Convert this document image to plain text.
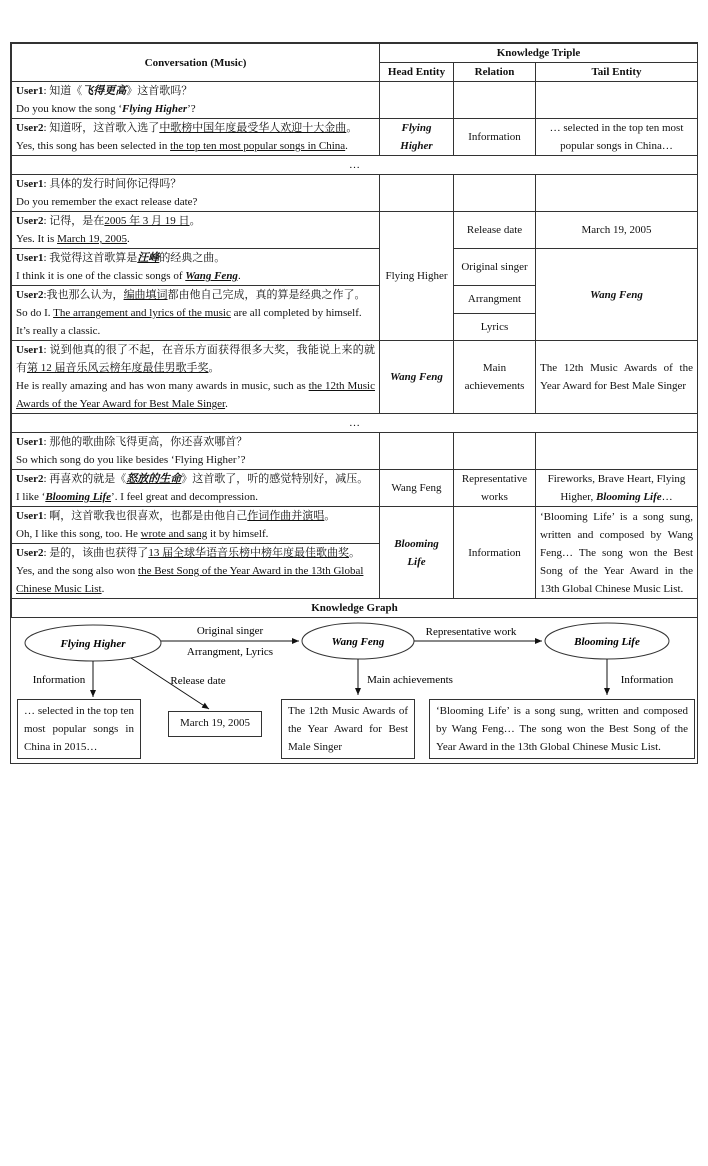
Conversation (Music)	Knowledge Triple		
	Head Entity	Relation	Tail Entity
User1: 知道《飞得更高》这首歌吗？
Do you know the song ‘Flying Higher’?			
User2: 知道呀，这首歌入选了中歌榜中国年度最受华人欢迎十大金曲。
Yes, this song has been selected in the top ten most popular songs in China.	Flying Higher	Information	… selected in the top ten most popular songs in China…
…			
User1: 具体的发行时间你记得吗？
Do you remember the exact release date?			
User2: 记得，是在2005 年 3 月 19 日。
Yes. It is March 19, 2005.	Flying Higher	Release date	March 19, 2005
User1: 我觉得这首歌算是汪峰的经典之曲。
I think it is one of the classic songs of Wang Feng.		Original singer	Wang Feng
User2:我也那么认为，编曲填词都由他自己完成，真的算是经典之作了。
So do I. The arrangement and lyrics of the music are all completed by himself.
It’s really a classic.		Arrangment	
		Lyrics	
User1: 说到他真的很了不起，在音乐方面获得很多大奖，我能说上来的就有第 12 届音乐风云榜年度最佳男歌手奖。
He is really amazing and has won many awards in music, such as the 12th Music Awards of the Year Award for Best Male Singer.	Wang Feng	Main achievements	The 12th Music Awards of the Year Award for Best Male Singer
…			
User1: 那他的歌曲除飞得更高，你还喜欢哪首？
So which song do you like besides ‘Flying Higher’?			
User2: 再喜欢的就是《怒放的生命》这首歌了，听的感觉特别好，减压。
I like ‘Blooming Life’. I feel great and decompression.	Wang Feng	Representative works	Fireworks, Brave Heart, Flying Higher, Blooming Life…
User1: 啊，这首歌我也很喜欢，也都是由他自己作词作曲并演唱。
Oh, I like this song, too. He wrote and sang it by himself.	Blooming Life	Information	‘Blooming Life’ is a song sung, written and composed by Wang Feng… The song won the Best Song of the Year Award in the 13th Global Chinese Music List.
User2: 是的，该曲也获得了13 届全球华语音乐榜中榜年度最佳歌曲奖。
Yes, and the song also won the Best Song of the Year Award in the 13th Global Chinese Music List.			
Knowledge Graph			
Flying Higher	Wang Feng	Blooming Life
Original singer
Arrangment, Lyrics
Representative work
Information	Release date	Main achievements	Information
… selected in the top ten most popular songs in China in 2015…
March 19, 2005
The 12th Music Awards of the Year Award for Best Male Singer
‘Blooming Life’ is a song sung, written and composed by Wang Feng… The song won the Best Song of the Year Award in the 13th Global Chinese Music List.
